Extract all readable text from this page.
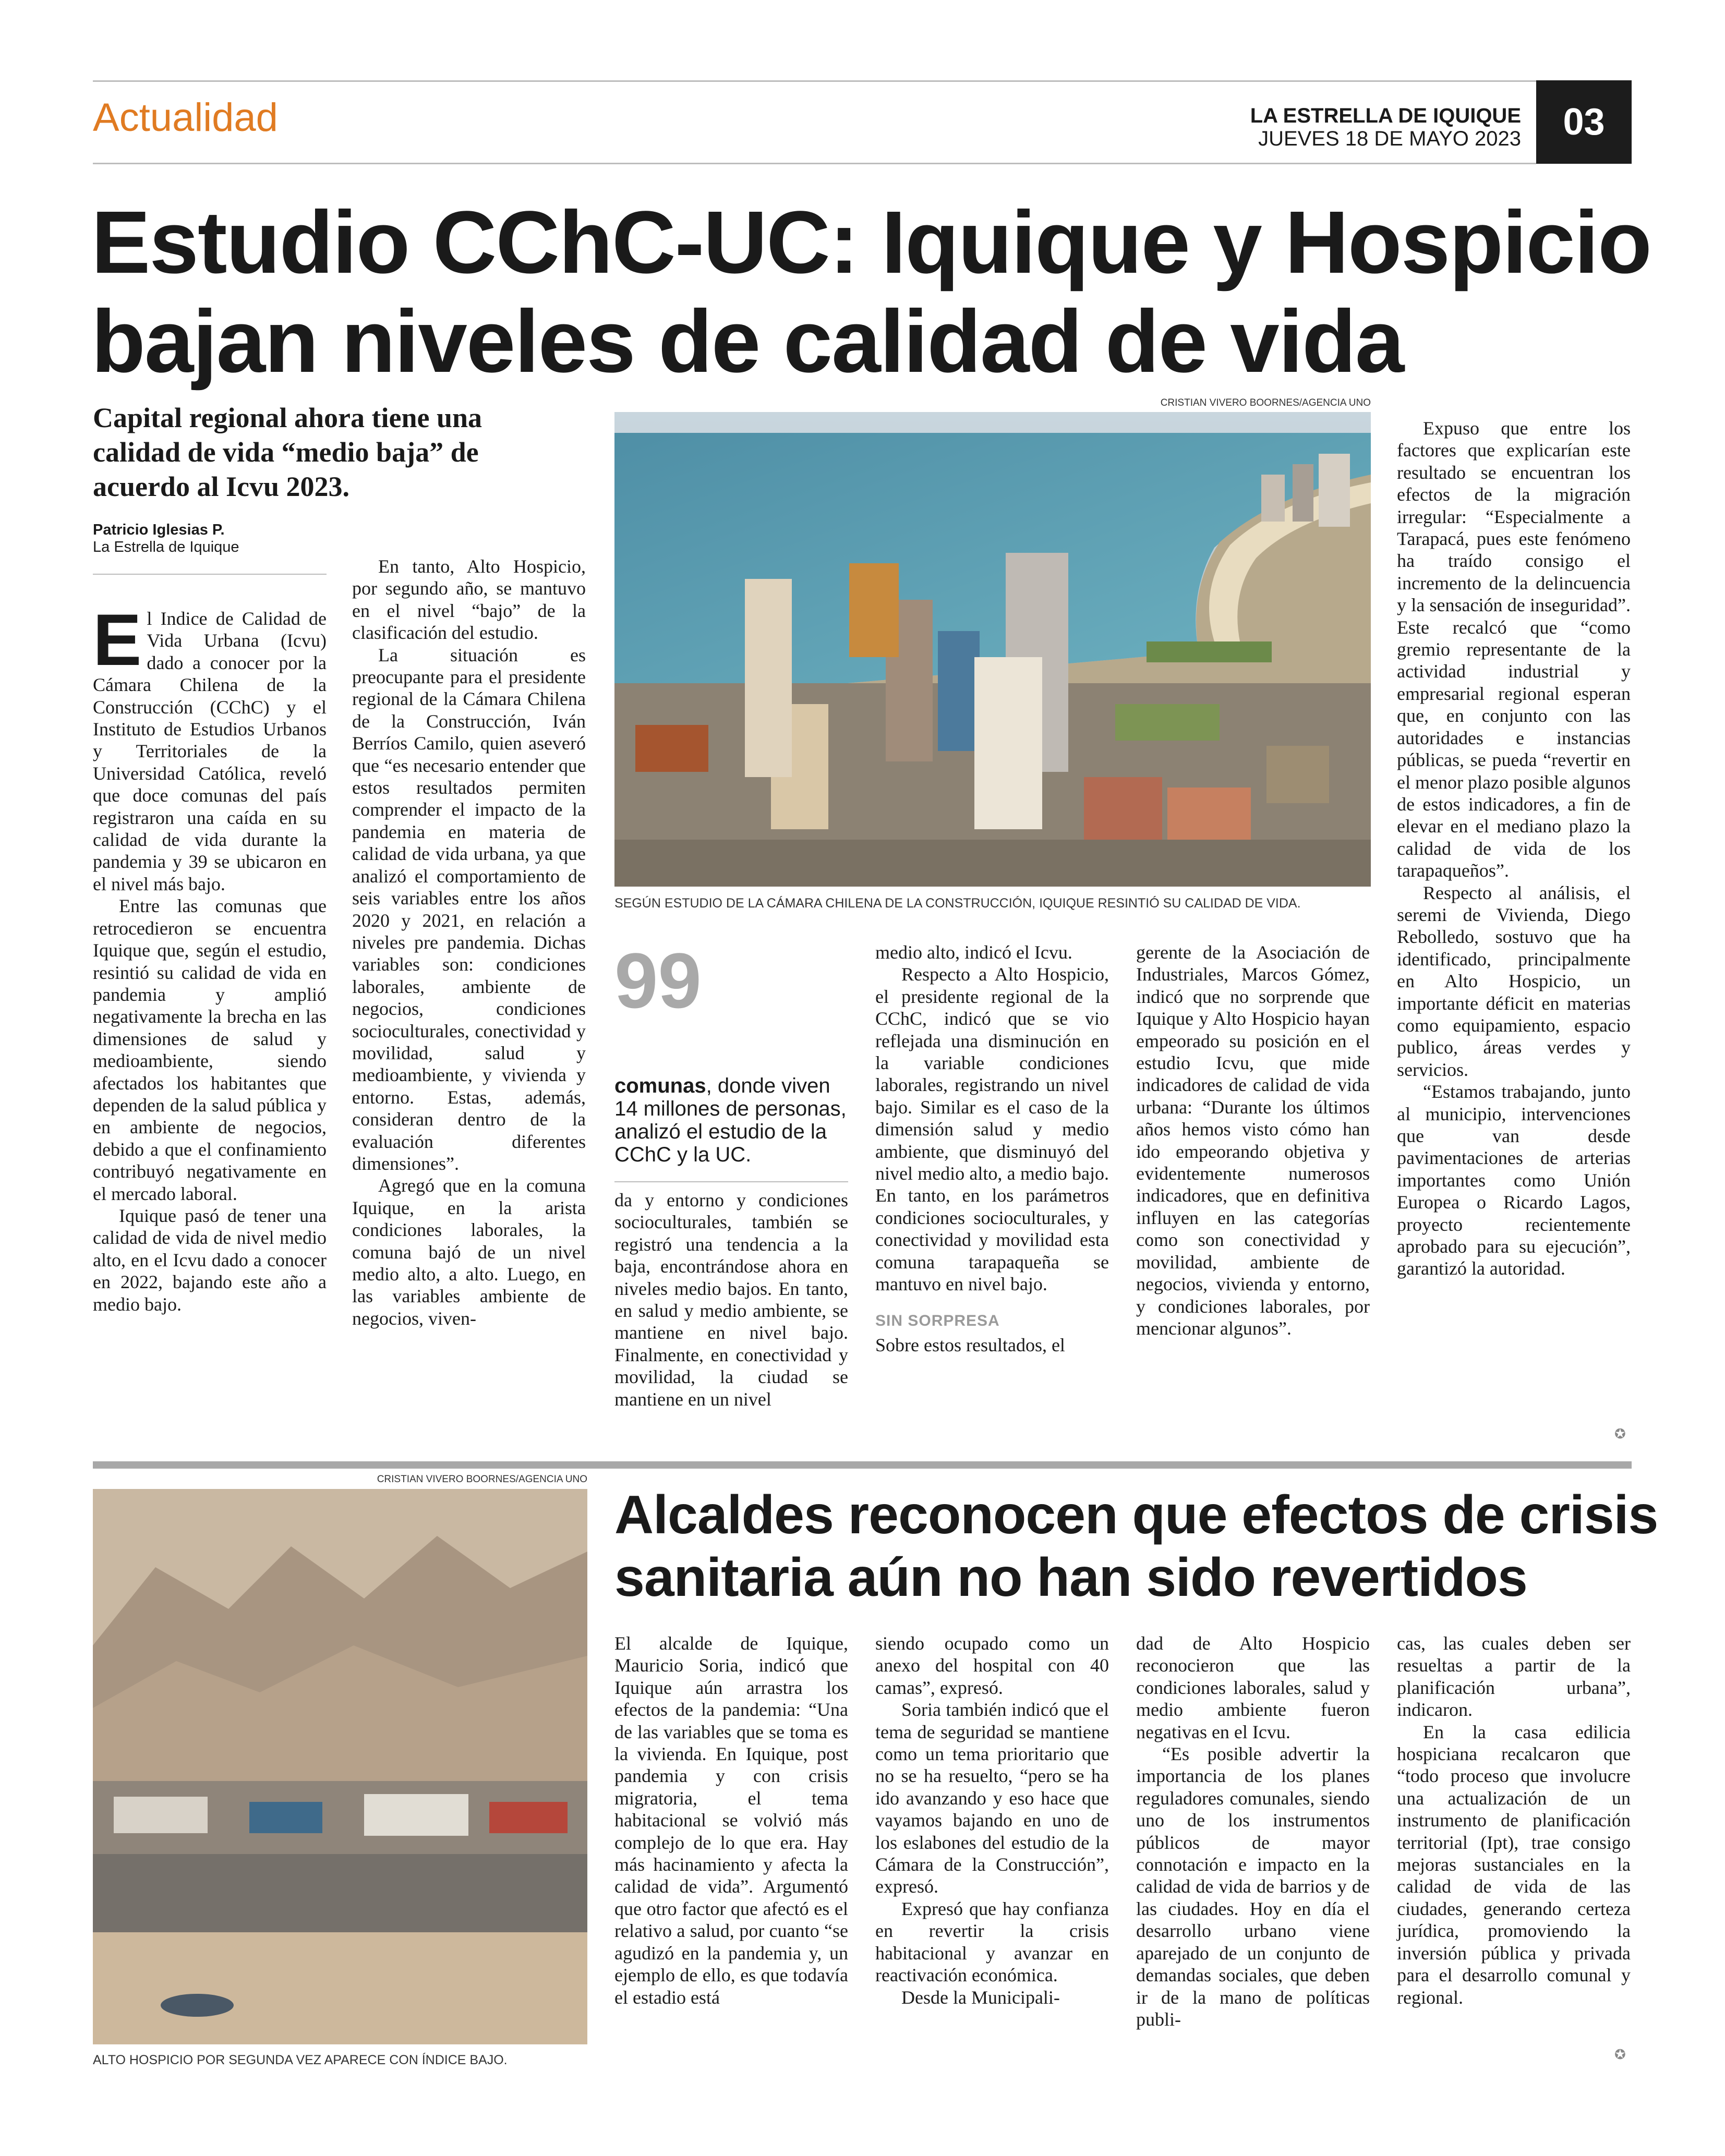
Actualidad	LA ESTRELLA DE IQUIQUE
JUEVES 18 DE MAYO 2023	03
Estudio CChC-UC: Iquique y Hospicio
bajan niveles de calidad de vida
Capital regional ahora tiene una calidad de vida “medio baja” de acuerdo al Icvu 2023.
Patricio Iglesias P.
La Estrella de Iquique

El Indice de Calidad de Vida Urbana (Icvu) dado a conocer por la Cámara Chilena de la Construcción (CChC) y el Instituto de Estudios Urbanos y Territoriales de la Universidad Católica, reveló que doce comunas del país registraron una caída en su calidad de vida durante la pandemia y 39 se ubicaron en el nivel más bajo.

Entre las comunas que retrocedieron se encuentra Iquique que, según el estudio, resintió su calidad de vida en pandemia y amplió negativamente la brecha en las dimensiones de salud y medioambiente, siendo afectados los habitantes que dependen de la salud pública y en ambiente de negocios, debido a que el confinamiento contribuyó negativamente en el mercado laboral.

Iquique pasó de tener una calidad de vida de nivel medio alto, en el Icvu dado a conocer en 2022, bajando este año a medio bajo.

En tanto, Alto Hospicio, por segundo año, se mantuvo en el nivel “bajo” de la clasificación del estudio.

La situación es preocupante para el presidente regional de la Cámara Chilena de la Construcción, Iván Berríos Camilo, quien aseveró que “es necesario entender que estos resultados permiten comprender el impacto de la pandemia en materia de calidad de vida urbana, ya que analizó el comportamiento de seis variables entre los años 2020 y 2021, en relación a niveles pre pandemia. Dichas variables son: condiciones laborales, ambiente de negocios, condiciones socioculturales, conectividad y movilidad, salud y medioambiente, y vivienda y entorno. Estas, además, consideran dentro de la evaluación diferentes dimensiones”.

Agregó que en la comuna Iquique, en la arista condiciones laborales, la comuna bajó de un nivel medio alto, a alto. Luego, en las variables ambiente de negocios, viven-

CRISTIAN VIVERO BOORNES/AGENCIA UNO
SEGÚN ESTUDIO DE LA CÁMARA CHILENA DE LA CONSTRUCCIÓN, IQUIQUE RESINTIÓ SU CALIDAD DE VIDA.
99
comunas, donde viven 14 millones de personas, analizó el estudio de la CChC y la UC.

da y entorno y condiciones socioculturales, también se registró una tendencia a la baja, encontrándose ahora en niveles medio bajos. En tanto, en salud y medio ambiente, se mantiene en nivel bajo. Finalmente, en conectividad y movilidad, la ciudad se mantiene en un nivel

medio alto, indicó el Icvu.

Respecto a Alto Hospicio, el presidente regional de la CChC, indicó que se vio reflejada una disminución en la variable condiciones laborales, registrando un nivel bajo. Similar es el caso de la dimensión salud y medio ambiente, que disminuyó del nivel medio alto, a medio bajo. En tanto, en los parámetros condiciones socioculturales, y conectividad y movilidad esta comuna tarapaqueña se mantuvo en nivel bajo.

SIN SORPRESA

Sobre estos resultados, el

gerente de la Asociación de Industriales, Marcos Gómez, indicó que no sorprende que Iquique y Alto Hospicio hayan empeorado su posición en el estudio Icvu, que mide indicadores de calidad de vida urbana: “Durante los últimos años hemos visto cómo han ido empeorando objetiva y evidentemente numerosos indicadores, que en definitiva influyen en las categorías como son conectividad y movilidad, ambiente de negocios, vivienda y entorno, y condiciones laborales, por mencionar algunos”.

Expuso que entre los factores que explicarían este resultado se encuentran los efectos de la migración irregular: “Especialmente a Tarapacá, pues este fenómeno ha traído consigo el incremento de la delincuencia y la sensación de inseguridad”. Este recalcó que “como gremio representante de la actividad industrial y empresarial regional esperan que, en conjunto con las autoridades e instancias públicas, se pueda “revertir en el menor plazo posible algunos de estos indicadores, a fin de elevar en el mediano plazo la calidad de vida de los tarapaqueños”.

Respecto al análisis, el seremi de Vivienda, Diego Rebolledo, sostuvo que ha identificado, principalmente en Alto Hospicio, un importante déficit en materias como equipamiento, espacio publico, áreas verdes y servicios.

“Estamos trabajando, junto al municipio, intervenciones que van desde pavimentaciones de arterias importantes como Unión Europea o Ricardo Lagos, proyecto recientemente aprobado para su ejecución”, garantizó la autoridad.

✪
CRISTIAN VIVERO BOORNES/AGENCIA UNO
ALTO HOSPICIO POR SEGUNDA VEZ APARECE CON ÍNDICE BAJO.
Alcaldes reconocen que efectos de crisis
sanitaria aún no han sido revertidos

El alcalde de Iquique, Mauricio Soria, indicó que Iquique aún arrastra los efectos de la pandemia: “Una de las variables que se toma es la vivienda. En Iquique, post pandemia y con crisis migratoria, el tema habitacional se volvió más complejo de lo que era. Hay más hacinamiento y afecta la calidad de vida”. Argumentó que otro factor que afectó es el relativo a salud, por cuanto “se agudizó en la pandemia y, un ejemplo de ello, es que todavía el estadio está

siendo ocupado como un anexo del hospital con 40 camas”, expresó.

Soria también indicó que el tema de seguridad se mantiene como un tema prioritario que no se ha resuelto, “pero se ha ido avanzando y eso hace que vayamos bajando en uno de los eslabones del estudio de la Cámara de la Construcción”, expresó.

Expresó que hay confianza en revertir la crisis habitacional y avanzar en reactivación económica.

Desde la Municipali-

dad de Alto Hospicio reconocieron que las condiciones laborales, salud y medio ambiente fueron negativas en el Icvu.

“Es posible advertir la importancia de los planes reguladores comunales, siendo uno de los instrumentos públicos de mayor connotación e impacto en la calidad de vida de barrios y de las ciudades. Hoy en día el desarrollo urbano viene aparejado de un conjunto de demandas sociales, que deben ir de la mano de políticas publi-

cas, las cuales deben ser resueltas a partir de la planificación urbana”, indicaron.

En la casa edilicia hospiciana recalcaron que “todo proceso que involucre una actualización de un instrumento de planificación territorial (Ipt), trae consigo mejoras sustanciales en la calidad de vida de las ciudades, generando certeza jurídica, promoviendo la inversión pública y privada para el desarrollo comunal y regional.

✪
